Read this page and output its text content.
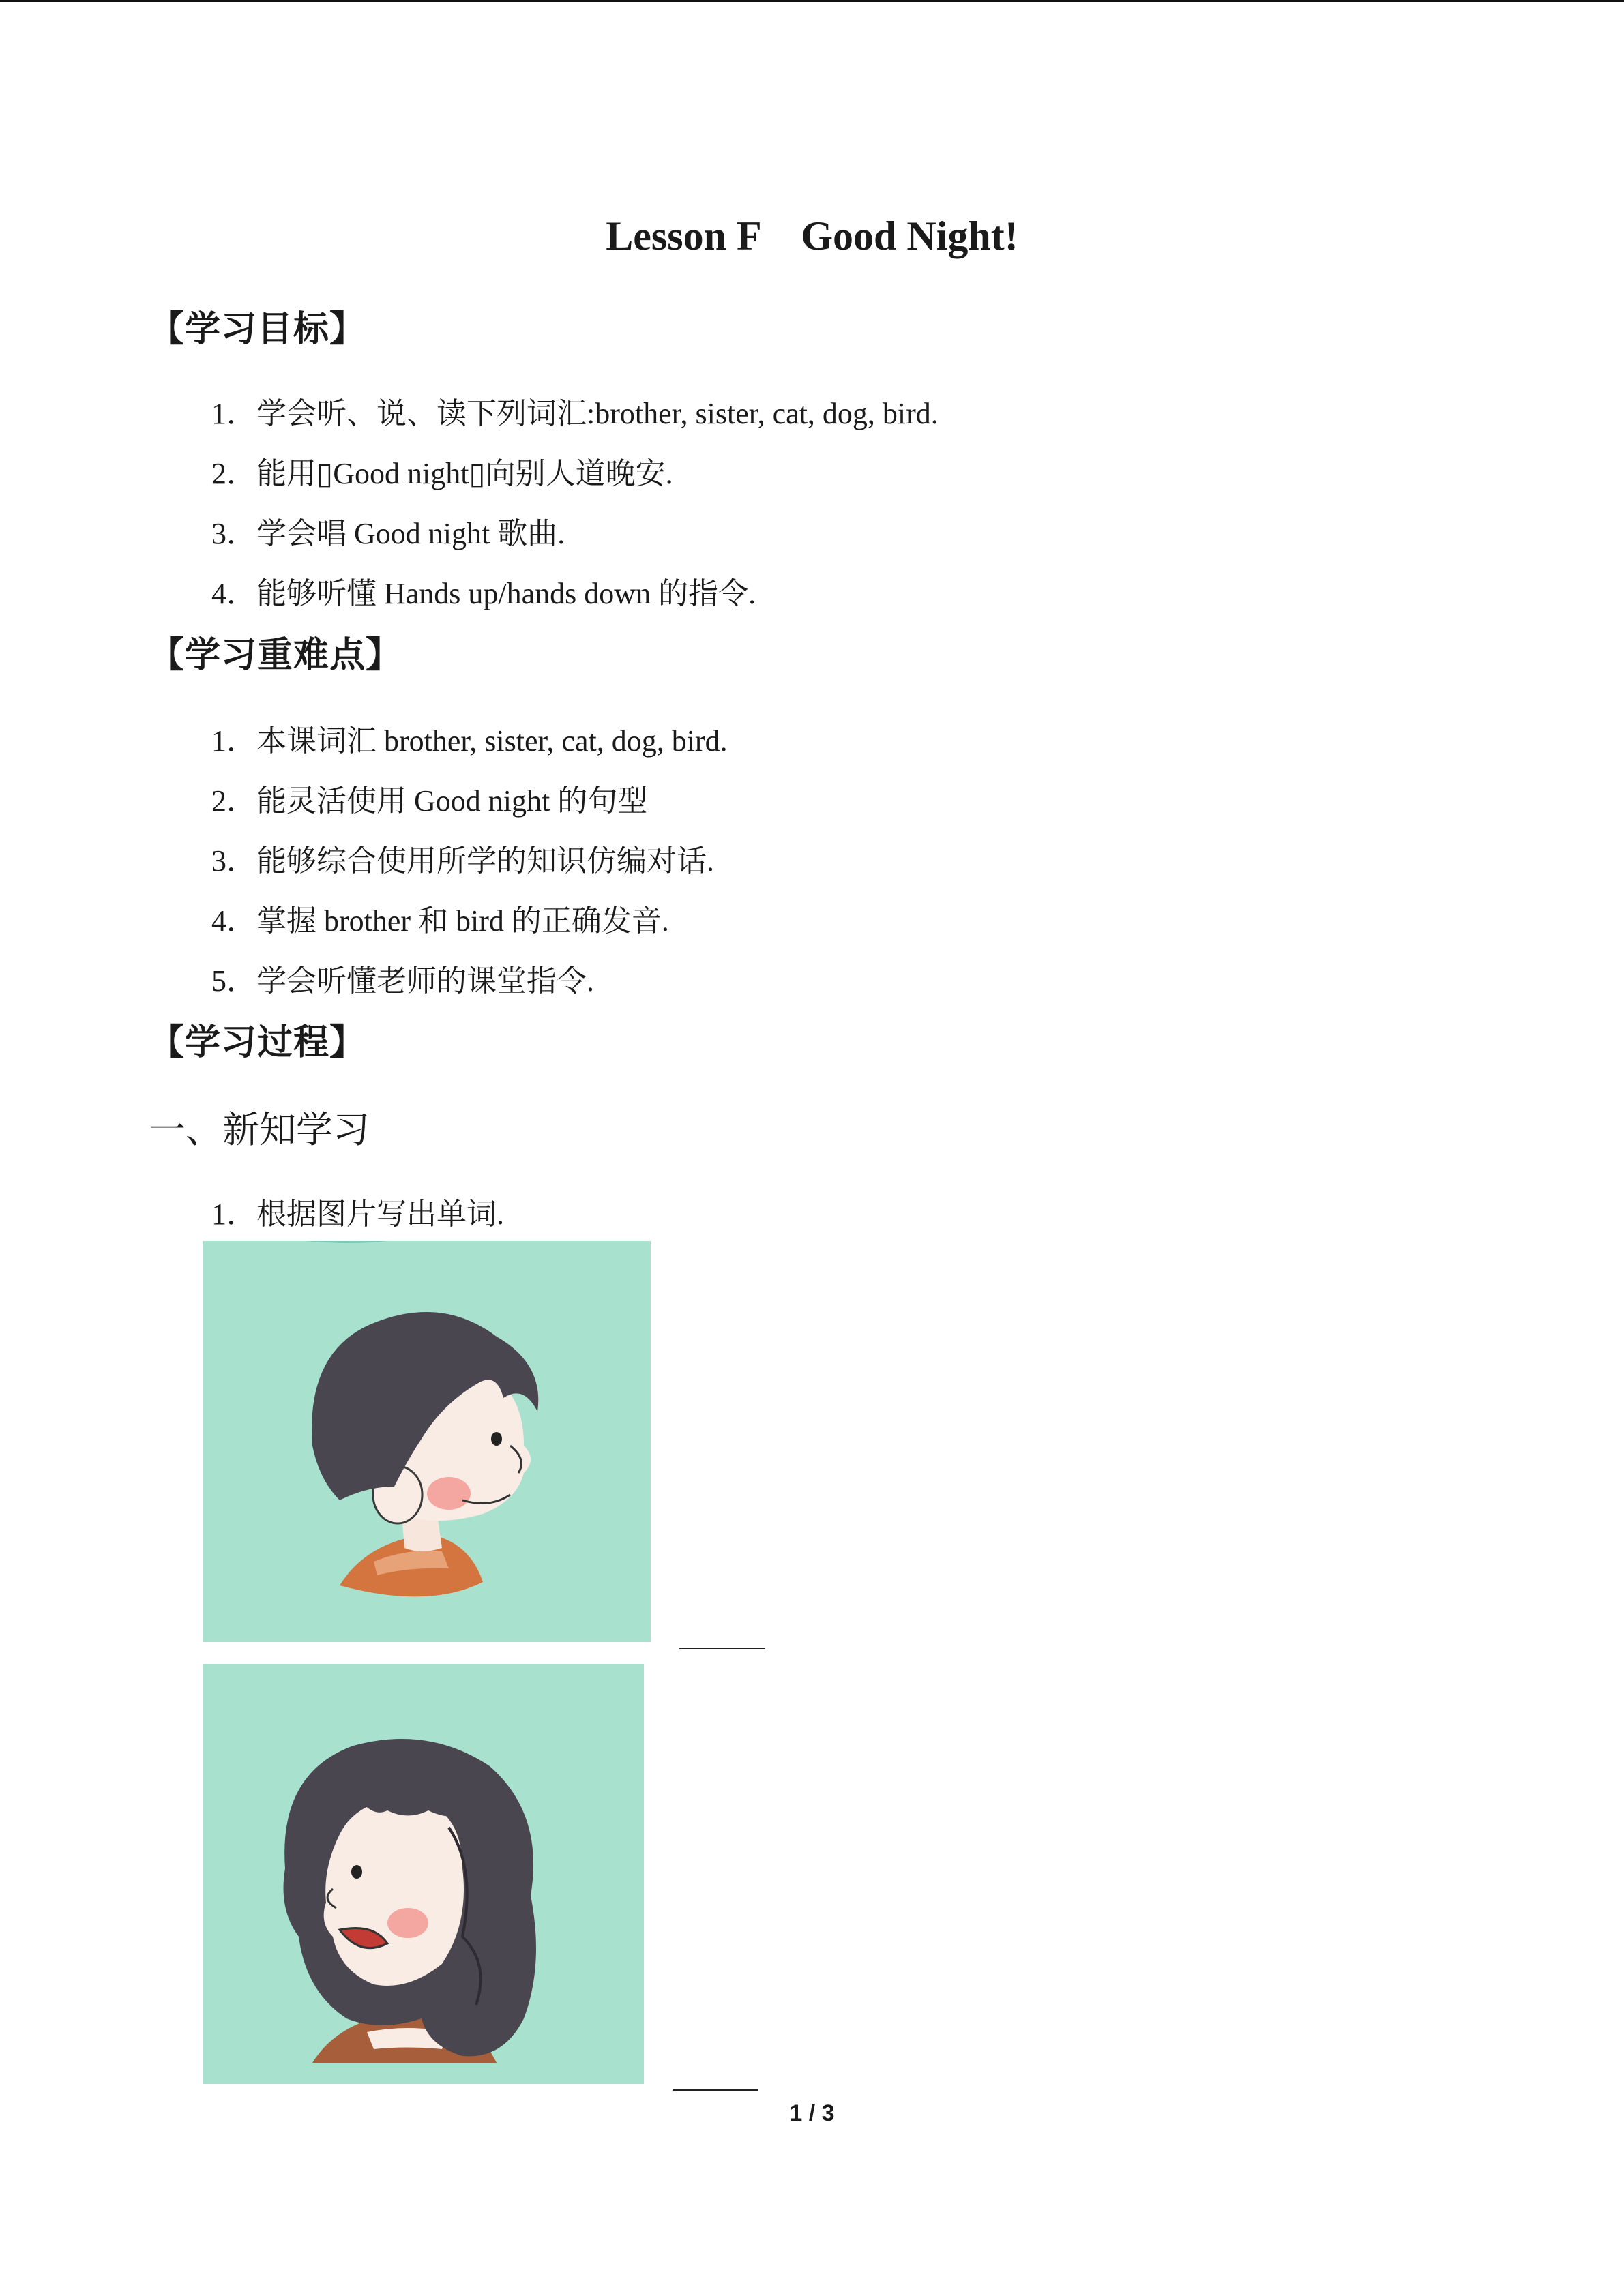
Lesson F    Good Night!
【学习目标】
1．学会听、说、读下列词汇:brother, sister, cat, dog, bird.
2．能用▯Good night▯向别人道晚安.
3．学会唱 Good night 歌曲.
4．能够听懂 Hands up/hands down 的指令.
【学习重难点】
1．本课词汇 brother, sister, cat, dog, bird.
2．能灵活使用 Good night 的句型
3．能够综合使用所学的知识仿编对话.
4．掌握 brother 和 bird 的正确发音.
5．学会听懂老师的课堂指令.
【学习过程】
一、新知学习
1．根据图片写出单词.
1 / 3
